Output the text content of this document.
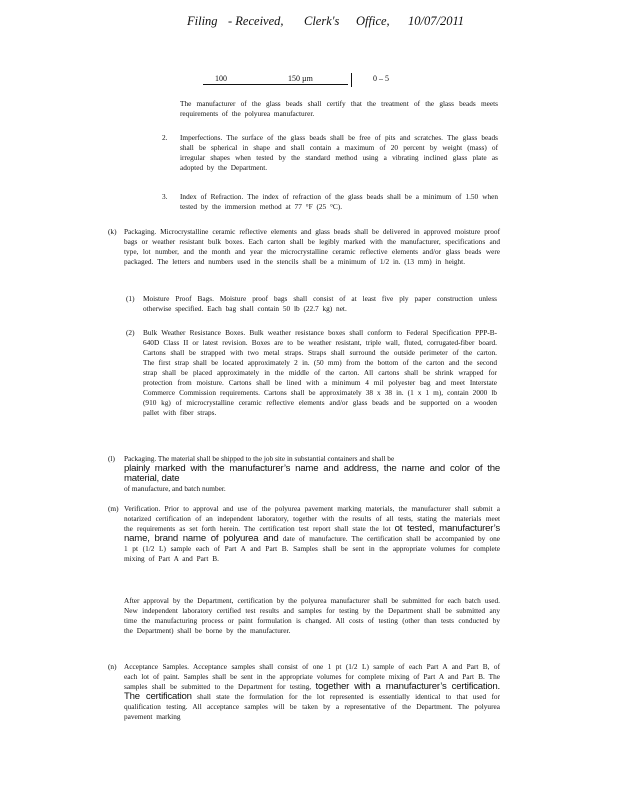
Filing - Received, Clerk's Office, 10/07/2011
100	150 µm	0 – 5
The manufacturer of the glass beads shall certify that the treatment of the glass beads meets requirements of the polyurea manufacturer.
2. Imperfections. The surface of the glass beads shall be free of pits and scratches. The glass beads shall be spherical in shape and shall contain a maximum of 20 percent by weight (mass) of irregular shapes when tested by the standard method using a vibrating inclined glass plate as adopted by the Department.
3. Index of Refraction. The index of refraction of the glass beads shall be a minimum of 1.50 when tested by the immersion method at 77 °F (25 °C).
(k) Packaging. Microcrystalline ceramic reflective elements and glass beads shall be delivered in approved moisture proof bags or weather resistant bulk boxes. Each carton shall be legibly marked with the manufacturer, specifications and type, lot number, and the month and year the microcrystalline ceramic reflective elements and/or glass beads were packaged. The letters and numbers used in the stencils shall be a minimum of 1/2 in. (13 mm) in height.
(1) Moisture Proof Bags. Moisture proof bags shall consist of at least five ply paper construction unless otherwise specified. Each bag shall contain 50 lb (22.7 kg) net.
(2) Bulk Weather Resistance Boxes. Bulk weather resistance boxes shall conform to Federal Specification PPP-B-640D Class II or latest revision. Boxes are to be weather resistant, triple wall, fluted, corrugated-fiber board. Cartons shall be strapped with two metal straps. Straps shall surround the outside perimeter of the carton. The first strap shall be located approximately 2 in. (50 mm) from the bottom of the carton and the second strap shall be placed approximately in the middle of the carton. All cartons shall be shrink wrapped for protection from moisture. Cartons shall be lined with a minimum 4 mil polyester bag and meet Interstate Commerce Commission requirements. Cartons shall be approximately 38 x 38 in. (1 x 1 m), contain 2000 lb (910 kg) of microcrystalline ceramic reflective elements and/or glass beads and be supported on a wooden pallet with fiber straps.
(l) Packaging. The material shall be shipped to the job site in substantial containers and shall be
plainly marked with the manufacturer’s name and address, the name and color of the material, date
of manufacture, and batch number.
(m) Verification. Prior to approval and use of the polyurea pavement marking materials, the manufacturer shall submit a notarized certification of an independent laboratory, together with the results of all tests, stating the materials meet the requirements as set forth herein. The certification test report shall state the lot ot tested, manufacturer’s name, brand name of polyurea and date of manufacture. The certification shall be accompanied by one 1 pt (1/2 L) sample each of Part A and Part B. Samples shall be sent in the appropriate volumes for complete mixing of Part A and Part B.
After approval by the Department, certification by the polyurea manufacturer shall be submitted for each batch used. New independent laboratory certified test results and samples for testing by the Department shall be submitted any time the manufacturing process or paint formulation is changed. All costs of testing (other than tests conducted by the Department) shall be borne by the manufacturer.
(n) Acceptance Samples. Acceptance samples shall consist of one 1 pt (1/2 L) sample of each Part A and Part B, of each lot of paint. Samples shall be sent in the appropriate volumes for complete mixing of Part A and Part B. The samples shall be submitted to the Department for testing, together with a manufacturer’s certification. The certification shall state the formulation for the lot represented is essentially identical to that used for qualification testing. All acceptance samples will be taken by a representative of the Department. The polyurea pavement marking
